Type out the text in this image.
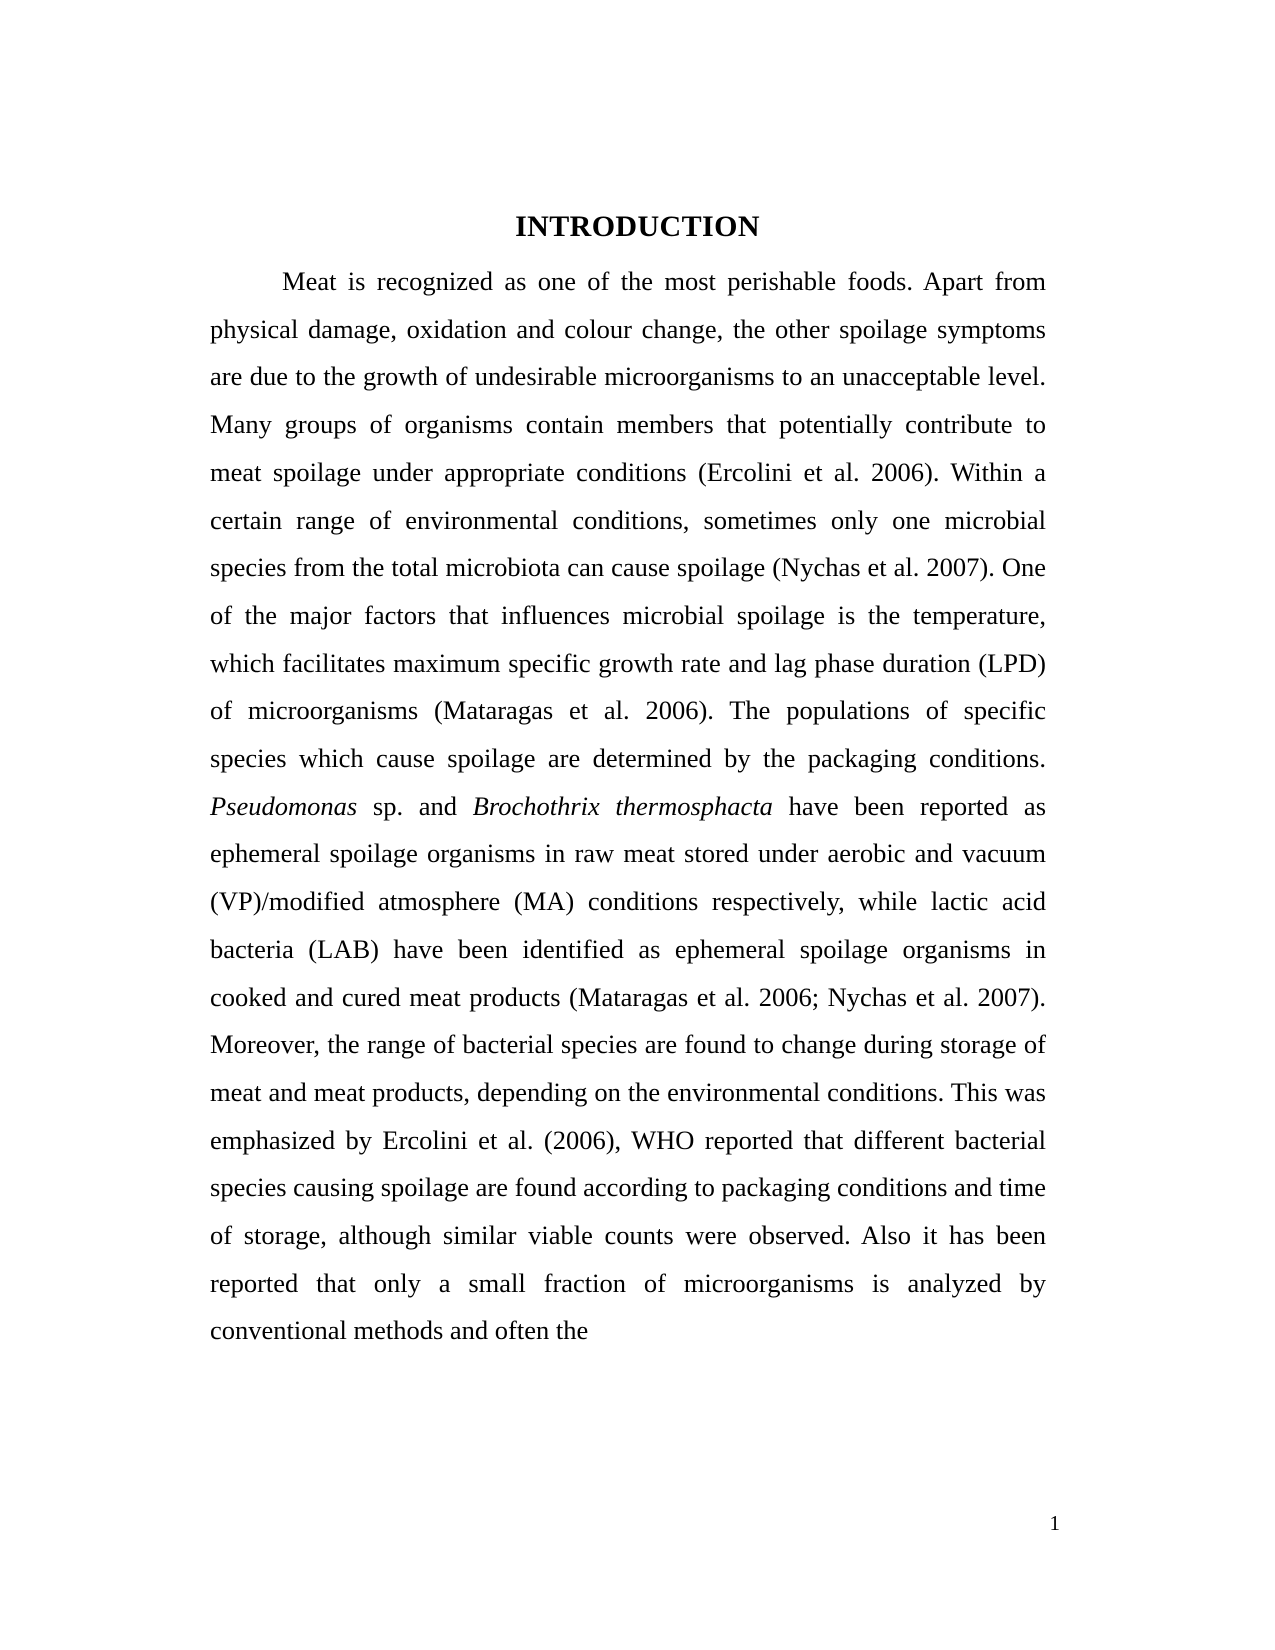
INTRODUCTION

Meat is recognized as one of the most perishable foods. Apart from physical damage, oxidation and colour change, the other spoilage symptoms are due to the growth of undesirable microorganisms to an unacceptable level. Many groups of organisms contain members that potentially contribute to meat spoilage under appropriate conditions (Ercolini et al. 2006). Within a certain range of environmental conditions, sometimes only one microbial species from the total microbiota can cause spoilage (Nychas et al. 2007). One of the major factors that influences microbial spoilage is the temperature, which facilitates maximum specific growth rate and lag phase duration (LPD) of microorganisms (Mataragas et al. 2006). The populations of specific species which cause spoilage are determined by the packaging conditions. Pseudomonas sp. and Brochothrix thermosphacta have been reported as ephemeral spoilage organisms in raw meat stored under aerobic and vacuum (VP)/modified atmosphere (MA) conditions respectively, while lactic acid bacteria (LAB) have been identified as ephemeral spoilage organisms in cooked and cured meat products (Mataragas et al. 2006; Nychas et al. 2007). Moreover, the range of bacterial species are found to change during storage of meat and meat products, depending on the environmental conditions. This was emphasized by Ercolini et al. (2006), WHO reported that different bacterial species causing spoilage are found according to packaging conditions and time of storage, although similar viable counts were observed. Also it has been reported that only a small fraction of microorganisms is analyzed by conventional methods and often the

1
